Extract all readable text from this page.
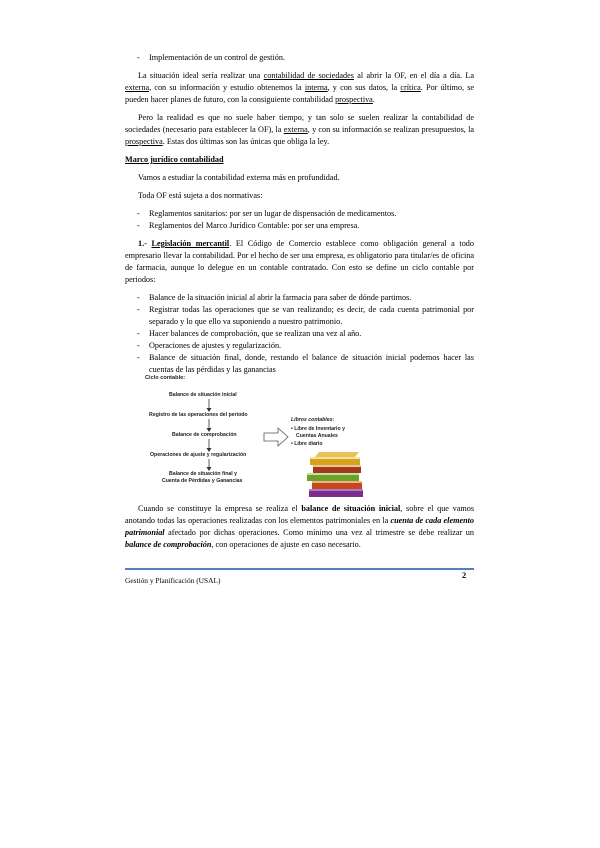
-	Implementación de un control de gestión.

La situación ideal sería realizar una contabilidad de sociedades al abrir la OF, en el día a día. La externa, con su información y estudio obtenemos la interna, y con sus datos, la crítica. Por último, se pueden hacer planes de futuro, con la consiguiente contabilidad prospectiva.

Pero la realidad es que no suele haber tiempo, y tan solo se suelen realizar la contabilidad de sociedades (necesario para establecer la OF), la externa, y con su información se realizan presupuestos, la prospectiva. Estas dos últimas son las únicas que obliga la ley.

Marco jurídico contabilidad

Vamos a estudiar la contabilidad externa más en profundidad.

Toda OF está sujeta a dos normativas:

-	Reglamentos sanitarios: por ser un lugar de dispensación de medicamentos.
-	Reglamentos del Marco Jurídico Contable: por ser una empresa.

1.- Legislación mercantil. El Código de Comercio establece como obligación general a todo empresario llevar la contabilidad. Por el hecho de ser una empresa, es obligatorio para titular/es de oficina de farmacia, aunque lo delegue en un contable contratado. Con esto se define un ciclo contable por periodos:

-	Balance de la situación inicial al abrir la farmacia para saber de dónde partimos.
-	Registrar todas las operaciones que se van realizando; es decir, de cada cuenta patrimonial por separado y lo que ello va suponiendo a nuestro patrimonio.
-	Hacer balances de comprobación, que se realizan una vez al año.
-	Operaciones de ajustes y regularización.
-	Balance de situación final, donde, restando el balance de situación inicial podemos hacer las cuentas de las pérdidas y las ganancias
Ciclo contable:
Balance de situación inicial
Registro de las operaciones del periodo
Balance de comprobación
Operaciones de ajuste y regularización
Balance de situación final y
Cuenta de Pérdidas y Ganancias
Libros contables:
• Libre de Inventario y
Cuentas Anuales
• Libre diario

Cuando se constituye la empresa se realiza el balance de situación inicial, sobre el que vamos anotando todas las operaciones realizadas con los elementos patrimoniales en la cuenta de cada elemento patrimonial afectado por dichas operaciones. Como mínimo una vez al trimestre se debe realizar un balance de comprobación, con operaciones de ajuste en caso necesario.

2
Gestión y Planificación (USAL)
